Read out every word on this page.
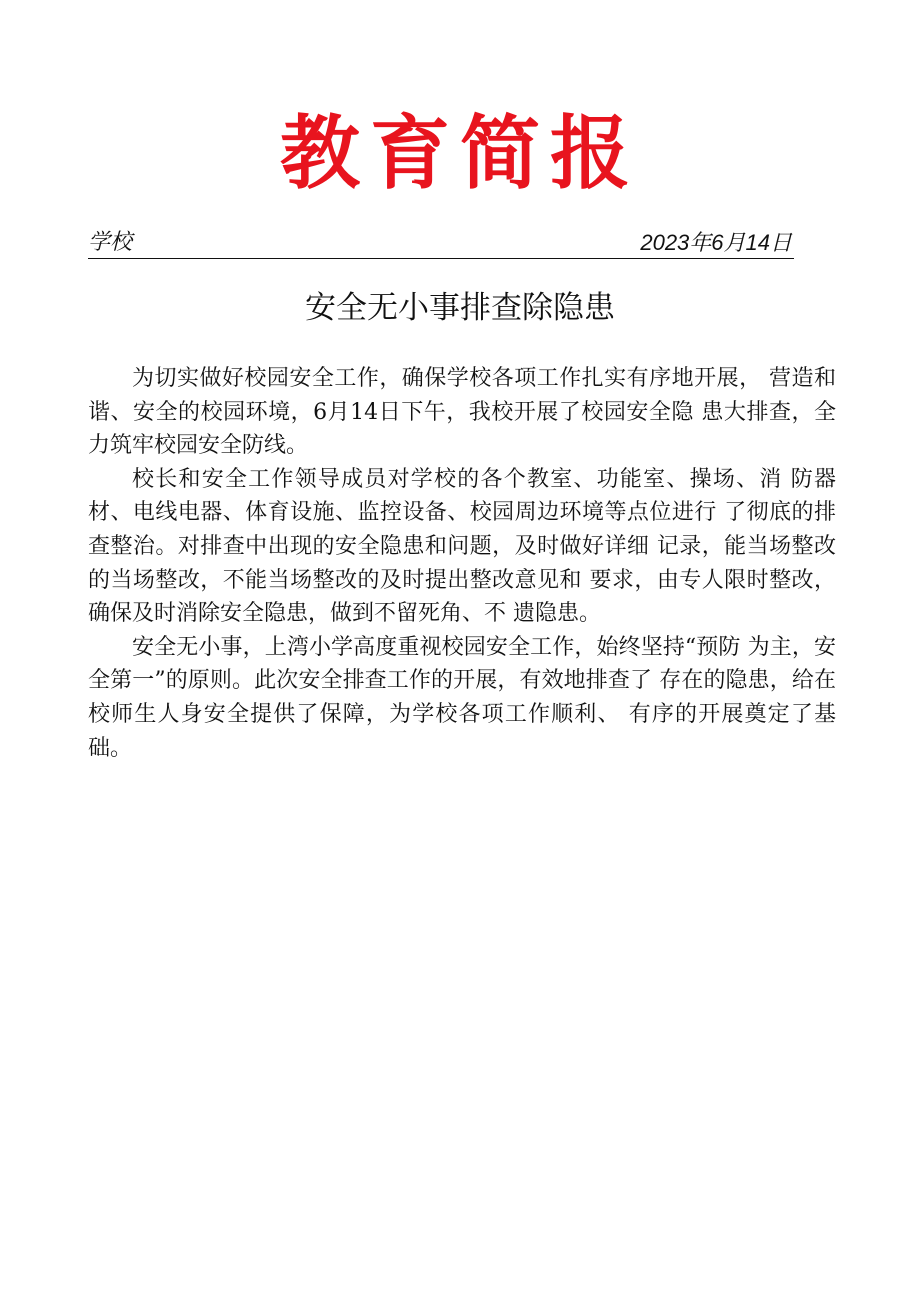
教育简报
学校	2023年6月14日
安全无小事排查除隐患

为切实做好校园安全工作，确保学校各项工作扎实有序地开展， 营造和谐、安全的校园环境，6月14日下午，我校开展了校园安全隐 患大排查，全力筑牢校园安全防线。

校长和安全工作领导成员对学校的各个教室、功能室、操场、消 防器材、电线电器、体育设施、监控设备、校园周边环境等点位进行 了彻底的排查整治。对排查中出现的安全隐患和问题，及时做好详细 记录，能当场整改的当场整改，不能当场整改的及时提出整改意见和 要求，由专人限时整改，确保及时消除安全隐患，做到不留死角、不 遗隐患。

安全无小事，上湾小学高度重视校园安全工作，始终坚持“预防 为主，安全第一”的原则。此次安全排查工作的开展，有效地排查了 存在的隐患，给在校师生人身安全提供了保障，为学校各项工作顺利、 有序的开展奠定了基础。
